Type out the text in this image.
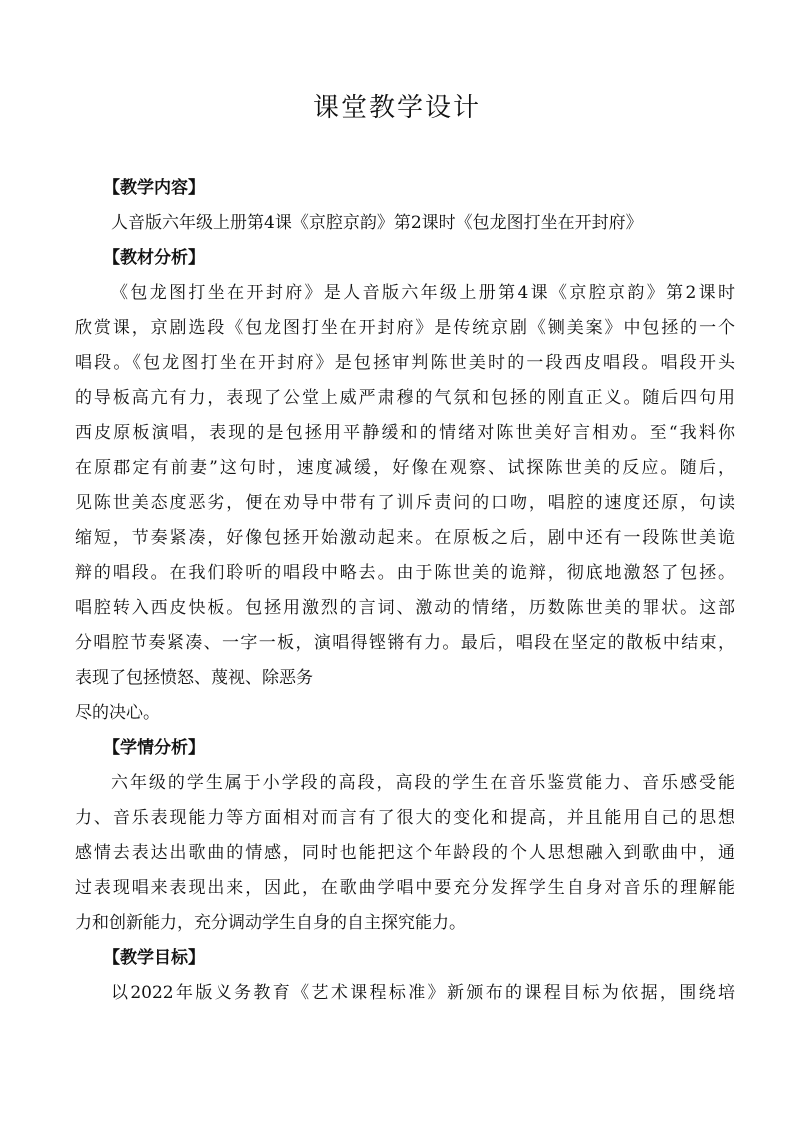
课堂教学设计
【教学内容】
人音版六年级上册第4课《京腔京韵》第2课时《包龙图打坐在开封府》
【教材分析】
《包龙图打坐在开封府》是人音版六年级上册第4课《京腔京韵》第2课时
欣赏课，京剧选段《包龙图打坐在开封府》是传统京剧《铡美案》中包拯的一个
唱段。《包龙图打坐在开封府》是包拯审判陈世美时的一段西皮唱段。唱段开头
的导板高亢有力，表现了公堂上威严肃穆的气氛和包拯的刚直正义。随后四句用
西皮原板演唱，表现的是包拯用平静缓和的情绪对陈世美好言相劝。至“我料你
在原郡定有前妻”这句时，速度减缓，好像在观察、试探陈世美的反应。随后，
见陈世美态度恶劣，便在劝导中带有了训斥责问的口吻，唱腔的速度还原，句读
缩短，节奏紧凑，好像包拯开始激动起来。在原板之后，剧中还有一段陈世美诡
辩的唱段。在我们聆听的唱段中略去。由于陈世美的诡辩，彻底地激怒了包拯。
唱腔转入西皮快板。包拯用激烈的言词、激动的情绪，历数陈世美的罪状。这部
分唱腔节奏紧凑、一字一板，演唱得铿锵有力。最后，唱段在坚定的散板中结束，
表现了包拯愤怒、蔑视、除恶务
尽的决心。
【学情分析】
六年级的学生属于小学段的高段，高段的学生在音乐鉴赏能力、音乐感受能
力、音乐表现能力等方面相对而言有了很大的变化和提高，并且能用自己的思想
感情去表达出歌曲的情感，同时也能把这个年龄段的个人思想融入到歌曲中，通
过表现唱来表现出来，因此，在歌曲学唱中要充分发挥学生自身对音乐的理解能
力和创新能力，充分调动学生自身的自主探究能力。
【教学目标】
以2022年版义务教育《艺术课程标准》新颁布的课程目标为依据，围绕培
